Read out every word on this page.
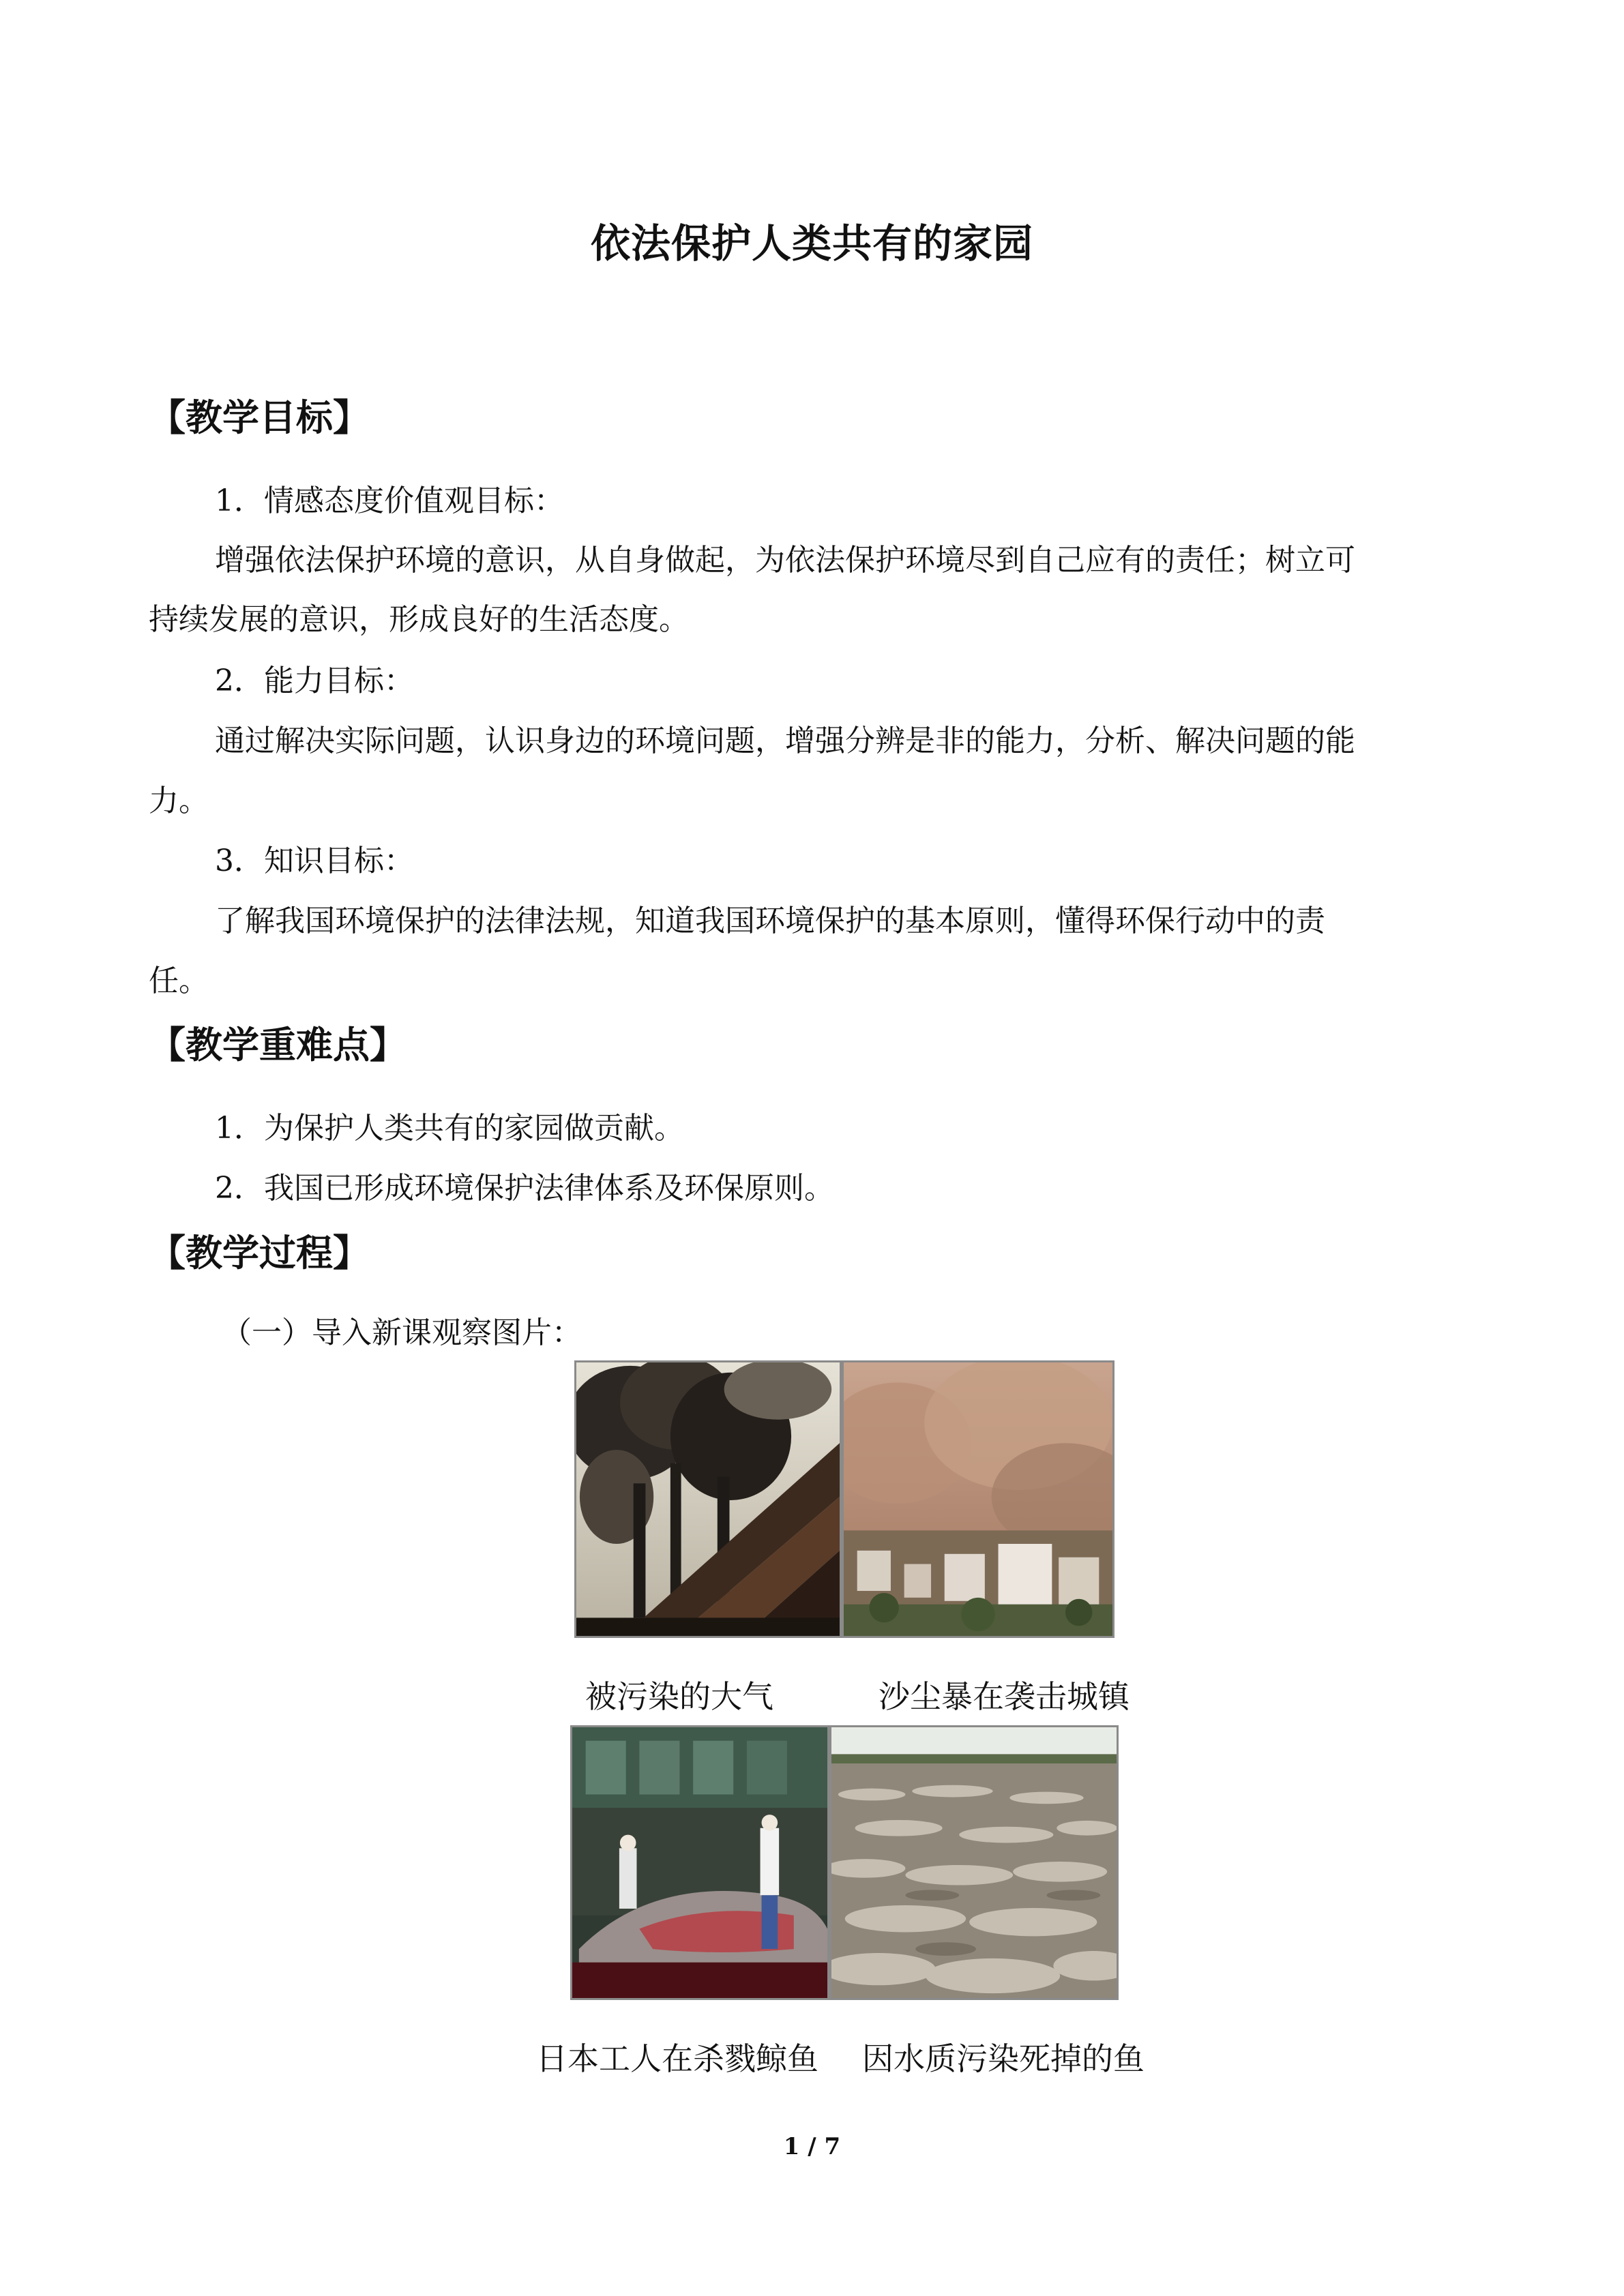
依法保护人类共有的家园
【教学目标】
1．情感态度价值观目标：
增强依法保护环境的意识，从自身做起，为依法保护环境尽到自己应有的责任；树立可
持续发展的意识，形成良好的生活态度。
2．能力目标：
通过解决实际问题，认识身边的环境问题，增强分辨是非的能力，分析、解决问题的能
力。
3．知识目标：
了解我国环境保护的法律法规，知道我国环境保护的基本原则，懂得环保行动中的责
任。
【教学重难点】
1．为保护人类共有的家园做贡献。
2．我国已形成环境保护法律体系及环保原则。
【教学过程】
（一）导入新课观察图片：
被污染的大气	沙尘暴在袭击城镇
日本工人在杀戮鲸鱼 因水质污染死掉的鱼
1 / 7
